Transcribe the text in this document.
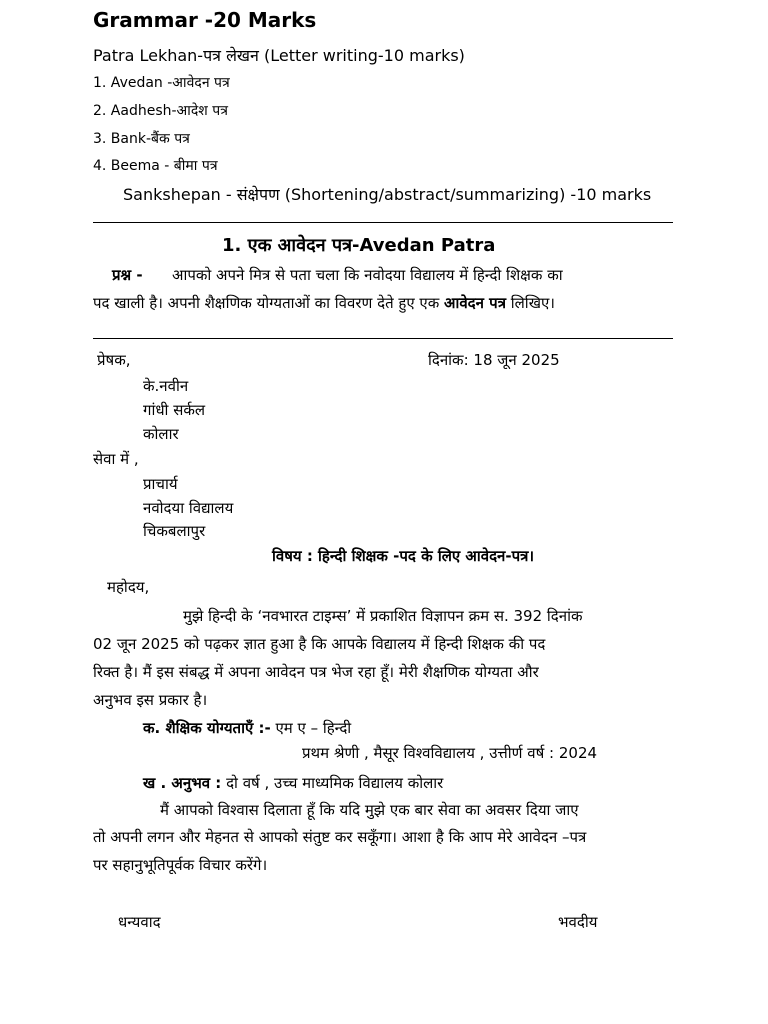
Grammar -20 Marks
Patra Lekhan-पत्र लेखन (Letter writing-10 marks)
1. Avedan -आवेदन पत्र
2. Aadhesh-आदेश पत्र
3. Bank-बैंक पत्र
4. Beema - बीमा पत्र
Sankshepan - संक्षेपण (Shortening/abstract/summarizing) -10 marks
1. एक आवेदन पत्र-Avedan Patra
प्रश्न - आपको अपने मित्र से पता चला कि नवोदया विद्यालय में हिन्दी शिक्षक का
पद खाली है। अपनी शैक्षणिक योग्यताओं का विवरण देते हुए एक आवेदन पत्र लिखिए।
प्रेषक,	दिनांक: 18 जून 2025
के.नवीन
गांधी सर्कल
कोलार
सेवा में ,
प्राचार्य
नवोदया विद्यालय
चिकबलापुर
विषय : हिन्दी शिक्षक -पद के लिए आवेदन-पत्र।
महोदय,
मुझे हिन्दी के ‘नवभारत टाइम्स’ में प्रकाशित विज्ञापन क्रम स. 392 दिनांक
02 जून 2025 को पढ़कर ज्ञात हुआ है कि आपके विद्यालय में हिन्दी शिक्षक की पद
रिक्त है। मैं इस संबद्ध में अपना आवेदन पत्र भेज रहा हूँ। मेरी शैक्षणिक योग्यता और
अनुभव इस प्रकार है।
क. शैक्षिक योग्यताएँ :- एम ए – हिन्दी
प्रथम श्रेणी , मैसूर विश्वविद्यालय , उत्तीर्ण वर्ष : 2024
ख . अनुभव : दो वर्ष , उच्च माध्यमिक विद्यालय कोलार
मैं आपको विश्वास दिलाता हूँ कि यदि मुझे एक बार सेवा का अवसर दिया जाए
तो अपनी लगन और मेहनत से आपको संतुष्ट कर सकूँगा। आशा है कि आप मेरे आवेदन –पत्र
पर सहानुभूतिपूर्वक विचार करेंगे।
धन्यवाद	भवदीय
